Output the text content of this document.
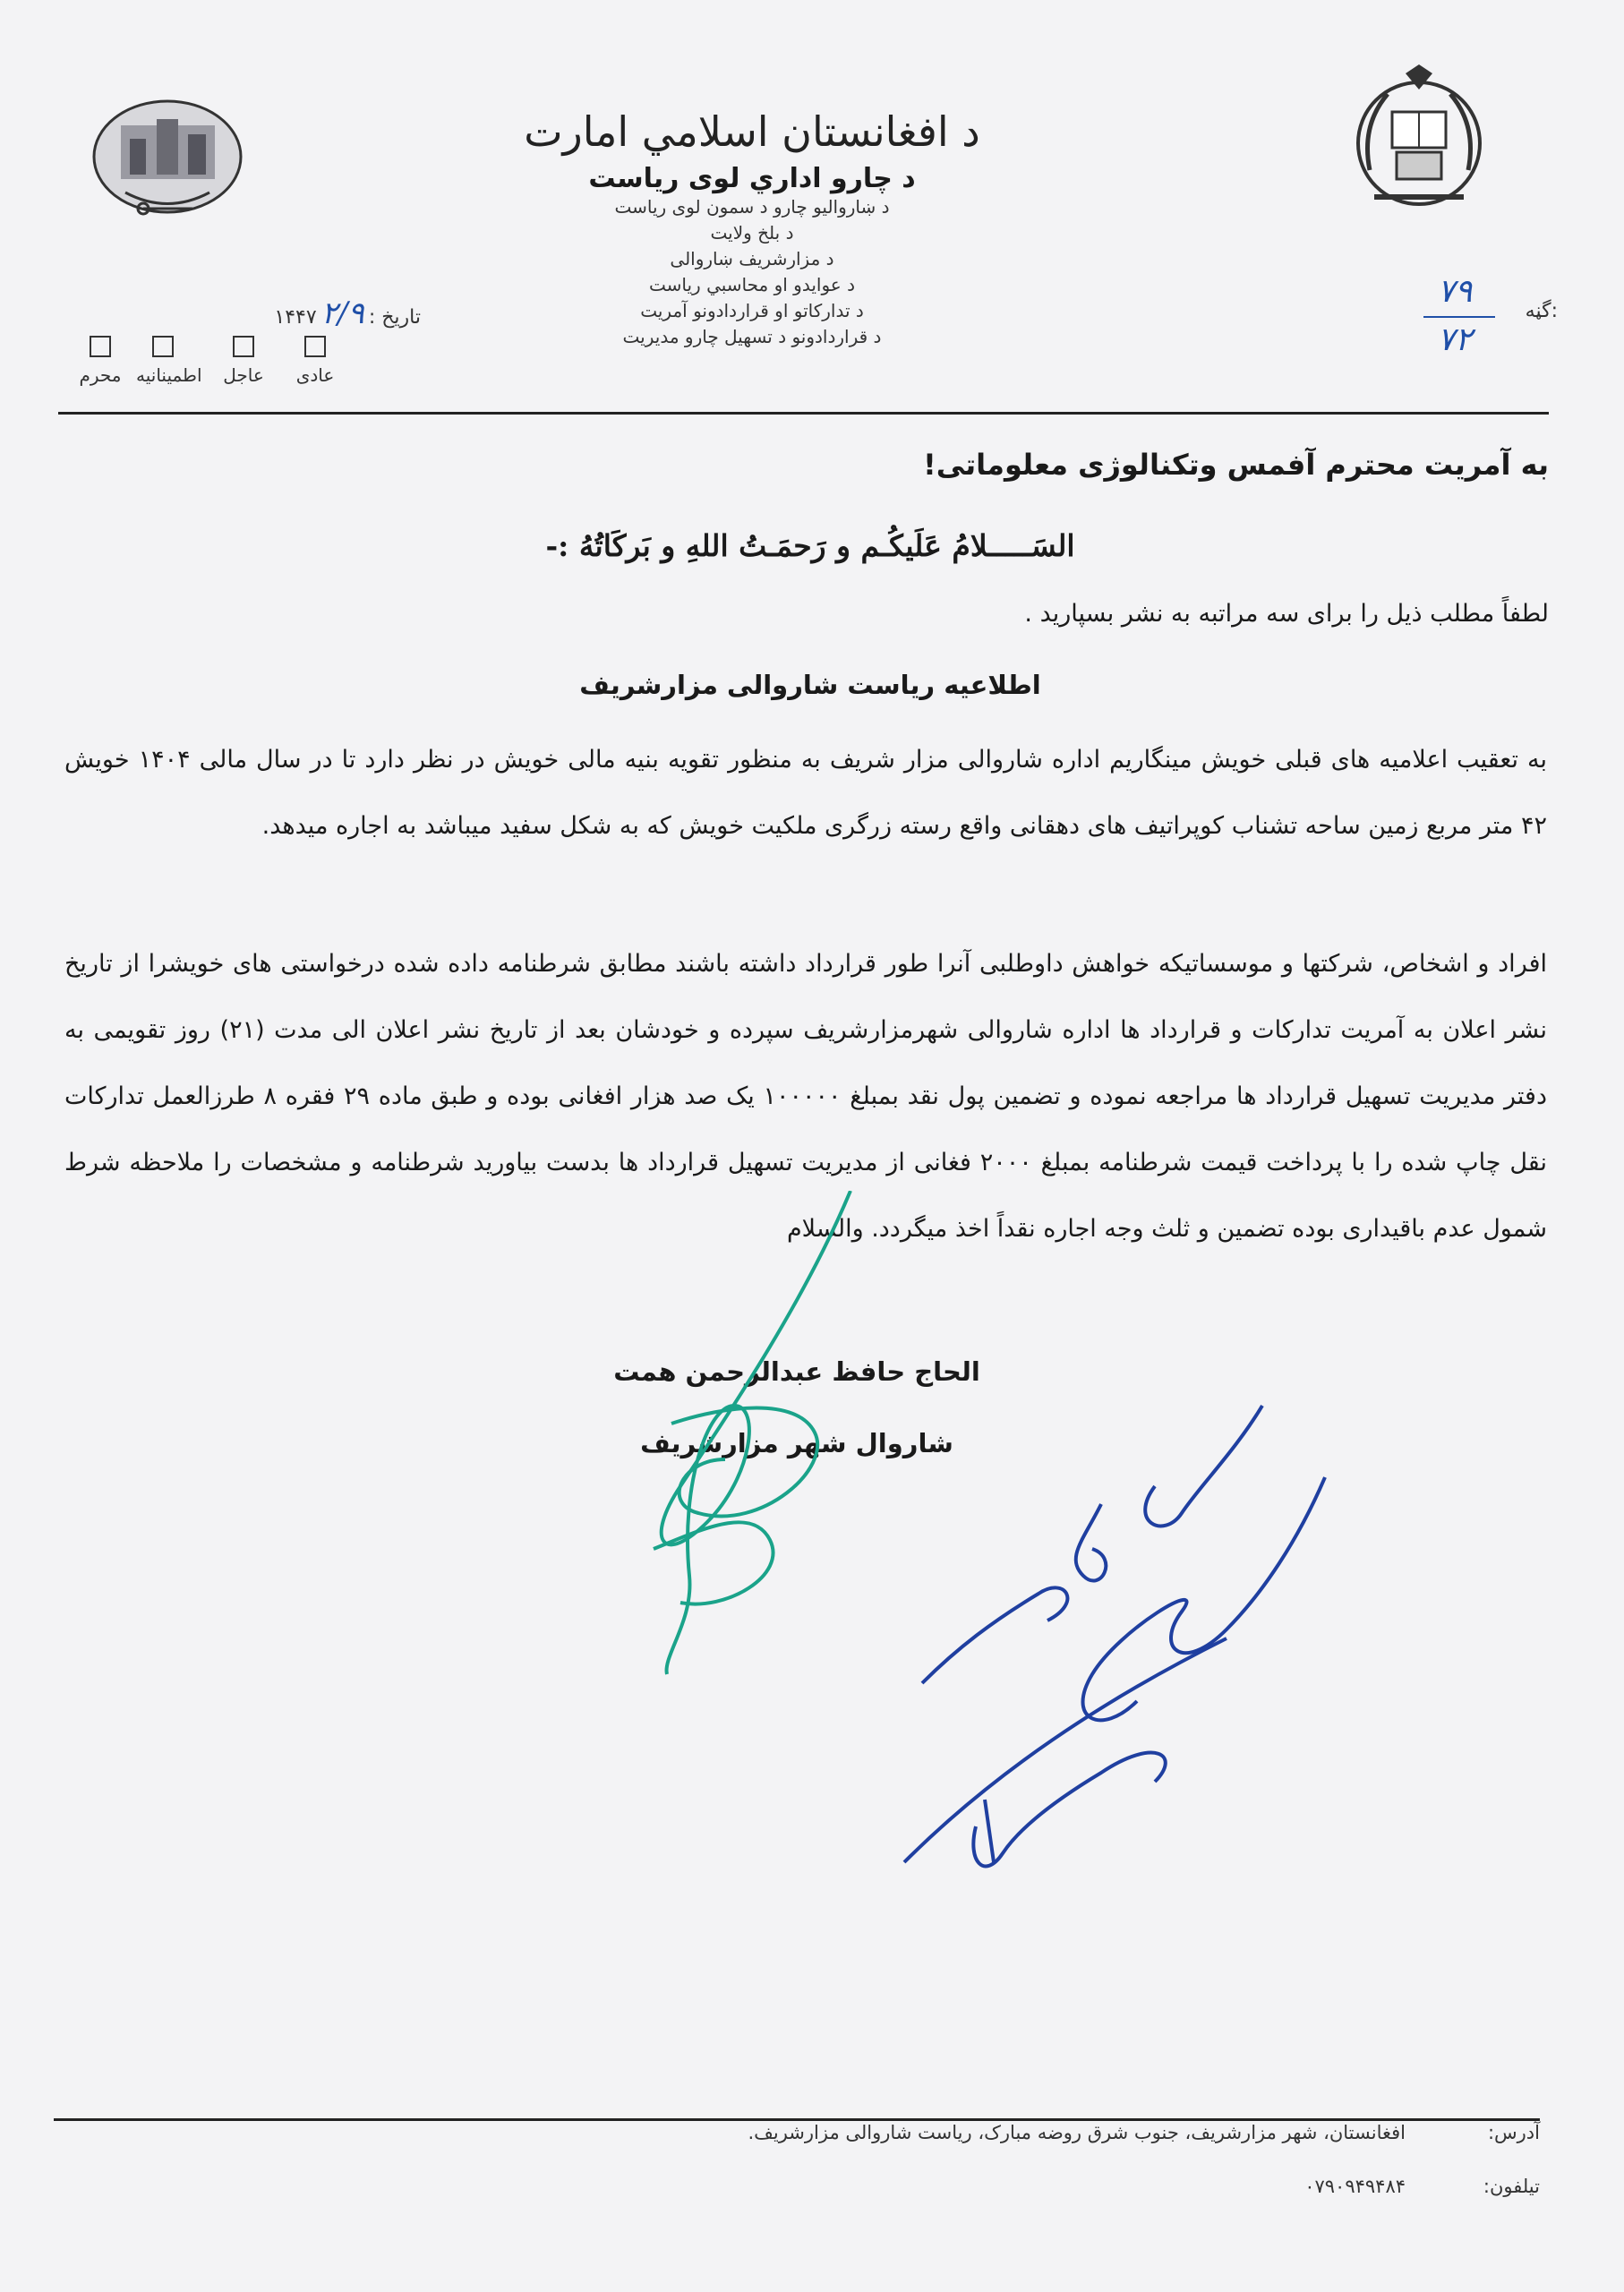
د افغانستان اسلامي امارت
د چارو اداري لوی ریاست
د ښاروالیو چارو د سمون لوی ریاست
د بلخ ولایت
د مزارشریف ښاروالی
د عوایدو او محاسبي ریاست
د تدارکاتو او قراردادونو آمریت
د قراردادونو د تسهیل چارو مدیریت
تاریخ : ۲/۹ ۱۴۴۷
عادی
عاجل
اطمینانیه
محرم
گڼه:
۷۹
۷۲
به آمریت محترم آفمس وتکنالوژی معلوماتی!
السَـــــلامُ عَلَیکُـم و رَحمَـتُ اللهِ و بَرکَاتُهُ :-
لطفاً مطلب ذیل را برای سه مراتبه به نشر بسپارید .
اطلاعیه ریاست شاروالی مزارشریف
به تعقیب اعلامیه های قبلی خویش مینگاریم اداره شاروالی مزار شریف به منظور تقویه بنیه مالی خویش در نظر دارد تا در سال مالی ۱۴۰۴ خویش ۴۲ متر مربع زمین ساحه تشناب کوپراتیف های دهقانی واقع رسته زرگری ملکیت خویش که به شکل سفید میباشد به اجاره میدهد.
افراد و اشخاص، شرکتها و موسساتیکه خواهش داوطلبی آنرا طور قرارداد داشته باشند مطابق شرطنامه داده شده درخواستی های خویشرا از تاریخ نشر اعلان به آمریت تدارکات و قرارداد ها اداره شاروالی شهرمزارشریف سپرده و خودشان بعد از تاریخ نشر اعلان الی مدت (۲۱) روز تقویمی به دفتر مدیریت تسهیل قرارداد ها مراجعه نموده و تضمین پول نقد بمبلغ ۱۰۰۰۰۰ یک صد هزار افغانی بوده و طبق ماده ۲۹ فقره ۸ طرزالعمل تدارکات نقل چاپ شده را با پرداخت قیمت شرطنامه بمبلغ ۲۰۰۰ فغانی از مدیریت تسهیل قرارداد ها بدست بیاورید شرطنامه و مشخصات را ملاحظه شرط شمول عدم باقیداری بوده تضمین و ثلث وجه اجاره نقداً اخذ میگردد. والسلام
الحاج حافظ عبدالرحمن همت
شاروال شهر مزارشریف
آدرس:
افغانستان، شهر مزارشریف، جنوب شرق روضه مبارک، ریاست شاروالی مزارشریف.
تیلفون:
۰۷۹۰۹۴۹۴۸۴
